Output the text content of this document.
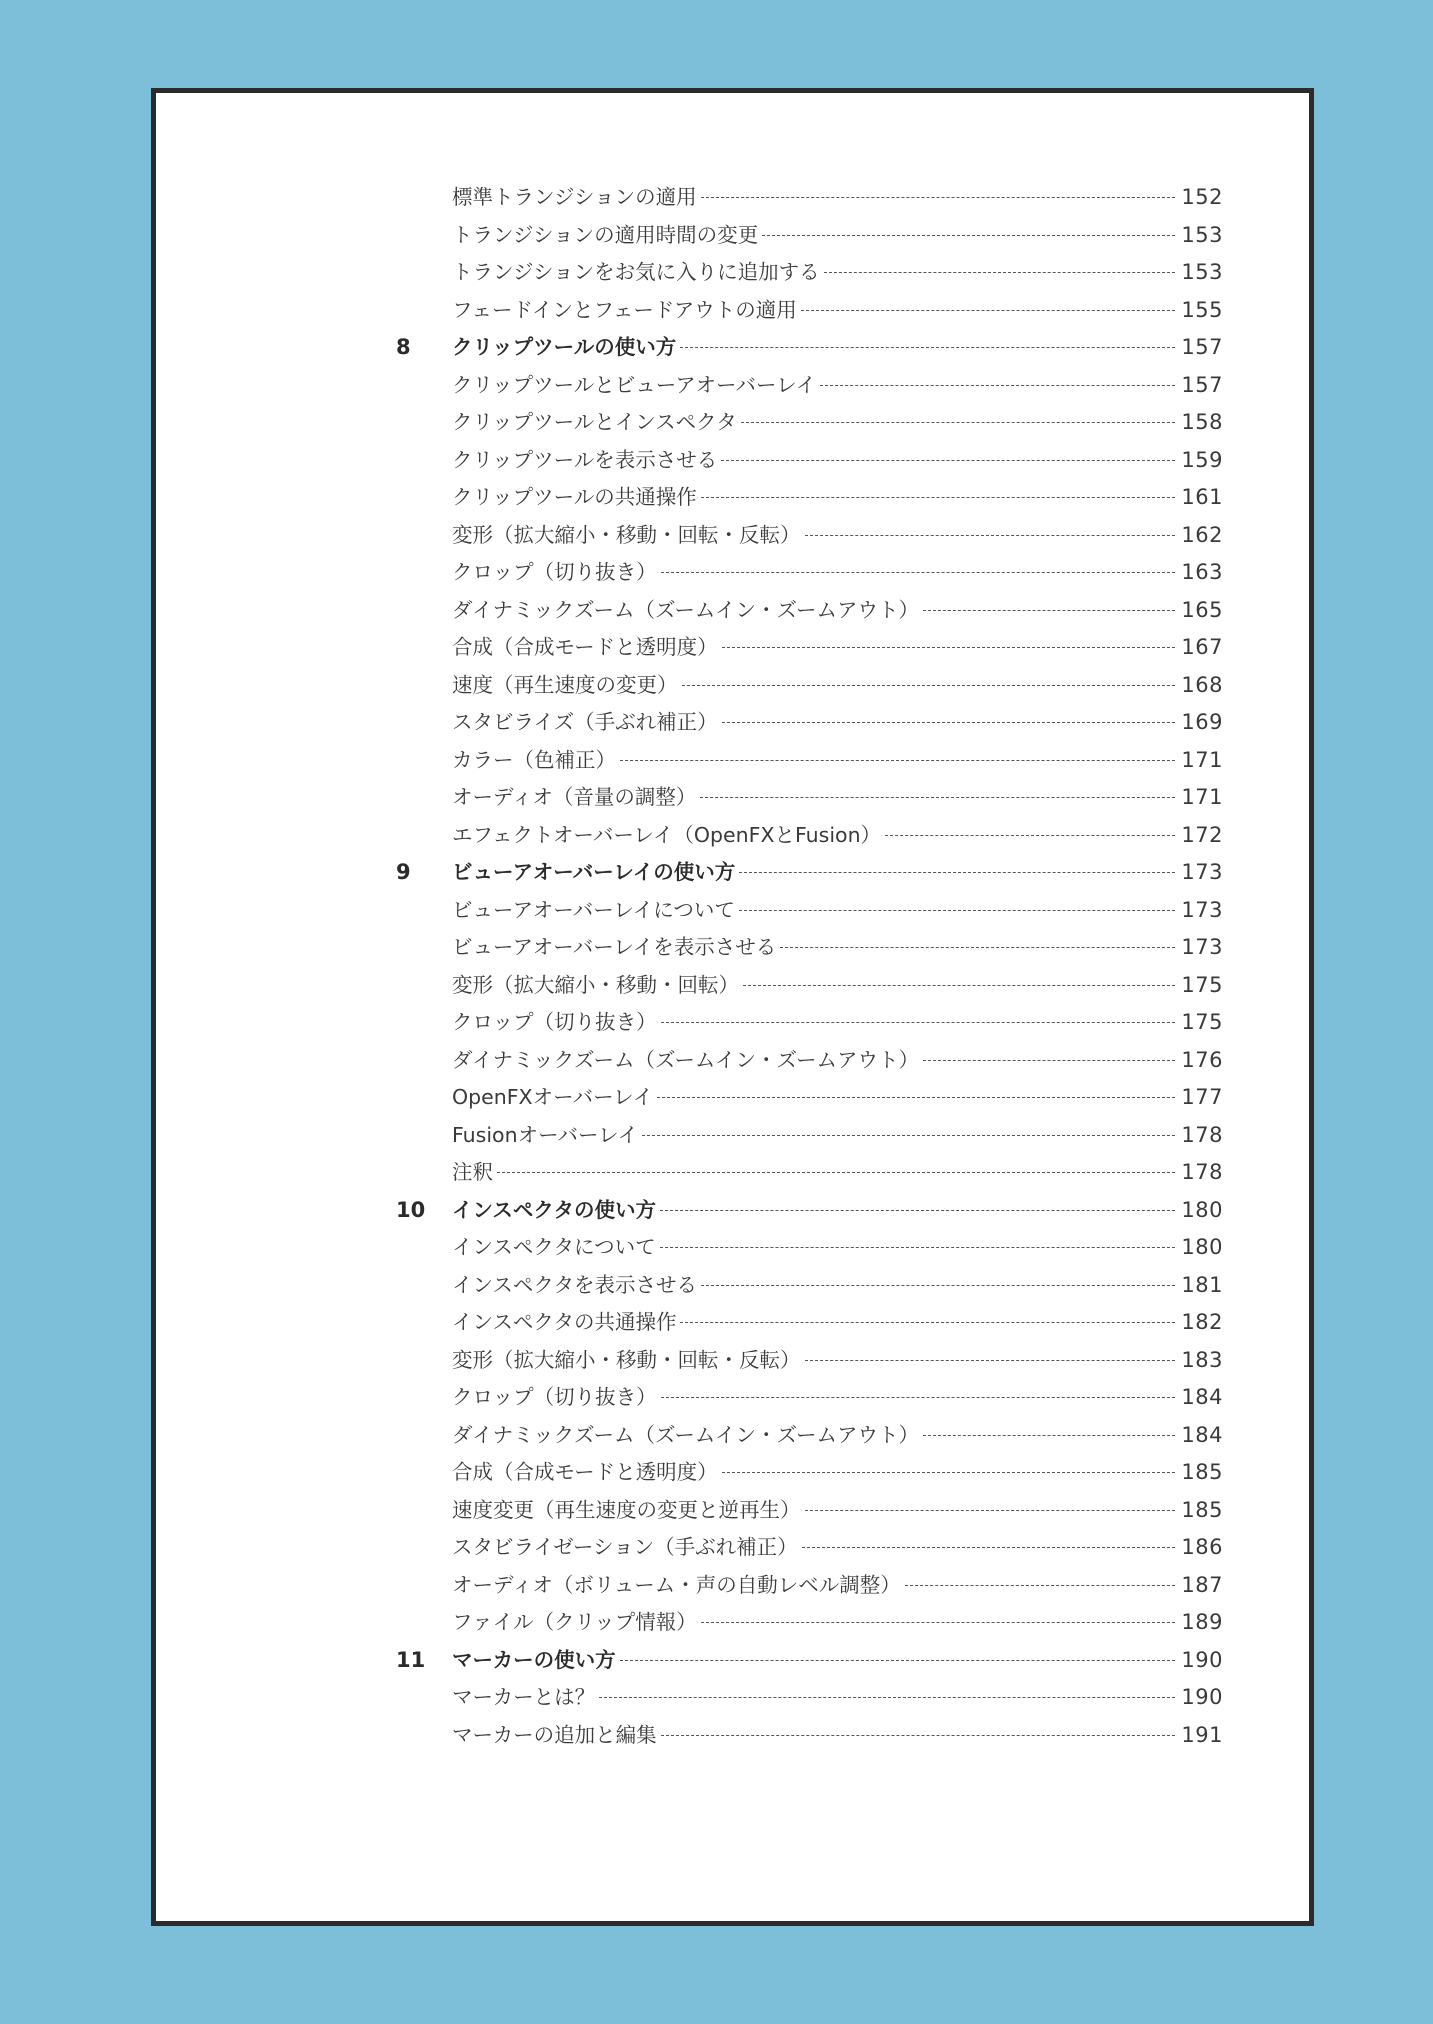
標準トランジションの適用	152
トランジションの適用時間の変更	153
トランジションをお気に入りに追加する	153
フェードインとフェードアウトの適用	155
8 クリップツールの使い方	157
クリップツールとビューアオーバーレイ	157
クリップツールとインスペクタ	158
クリップツールを表示させる	159
クリップツールの共通操作	161
変形（拡大縮小・移動・回転・反転）	162
クロップ（切り抜き）	163
ダイナミックズーム（ズームイン・ズームアウト）	165
合成（合成モードと透明度）	167
速度（再生速度の変更）	168
スタビライズ（手ぶれ補正）	169
カラー（色補正）	171
オーディオ（音量の調整）	171
エフェクトオーバーレイ（OpenFXとFusion）	172
9 ビューアオーバーレイの使い方	173
ビューアオーバーレイについて	173
ビューアオーバーレイを表示させる	173
変形（拡大縮小・移動・回転）	175
クロップ（切り抜き）	175
ダイナミックズーム（ズームイン・ズームアウト）	176
OpenFXオーバーレイ	177
Fusionオーバーレイ	178
注釈	178
10 インスペクタの使い方	180
インスペクタについて	180
インスペクタを表示させる	181
インスペクタの共通操作	182
変形（拡大縮小・移動・回転・反転）	183
クロップ（切り抜き）	184
ダイナミックズーム（ズームイン・ズームアウト）	184
合成（合成モードと透明度）	185
速度変更（再生速度の変更と逆再生）	185
スタビライゼーション（手ぶれ補正）	186
オーディオ（ボリューム・声の自動レベル調整）	187
ファイル（クリップ情報）	189
11 マーカーの使い方	190
マーカーとは？	190
マーカーの追加と編集	191
